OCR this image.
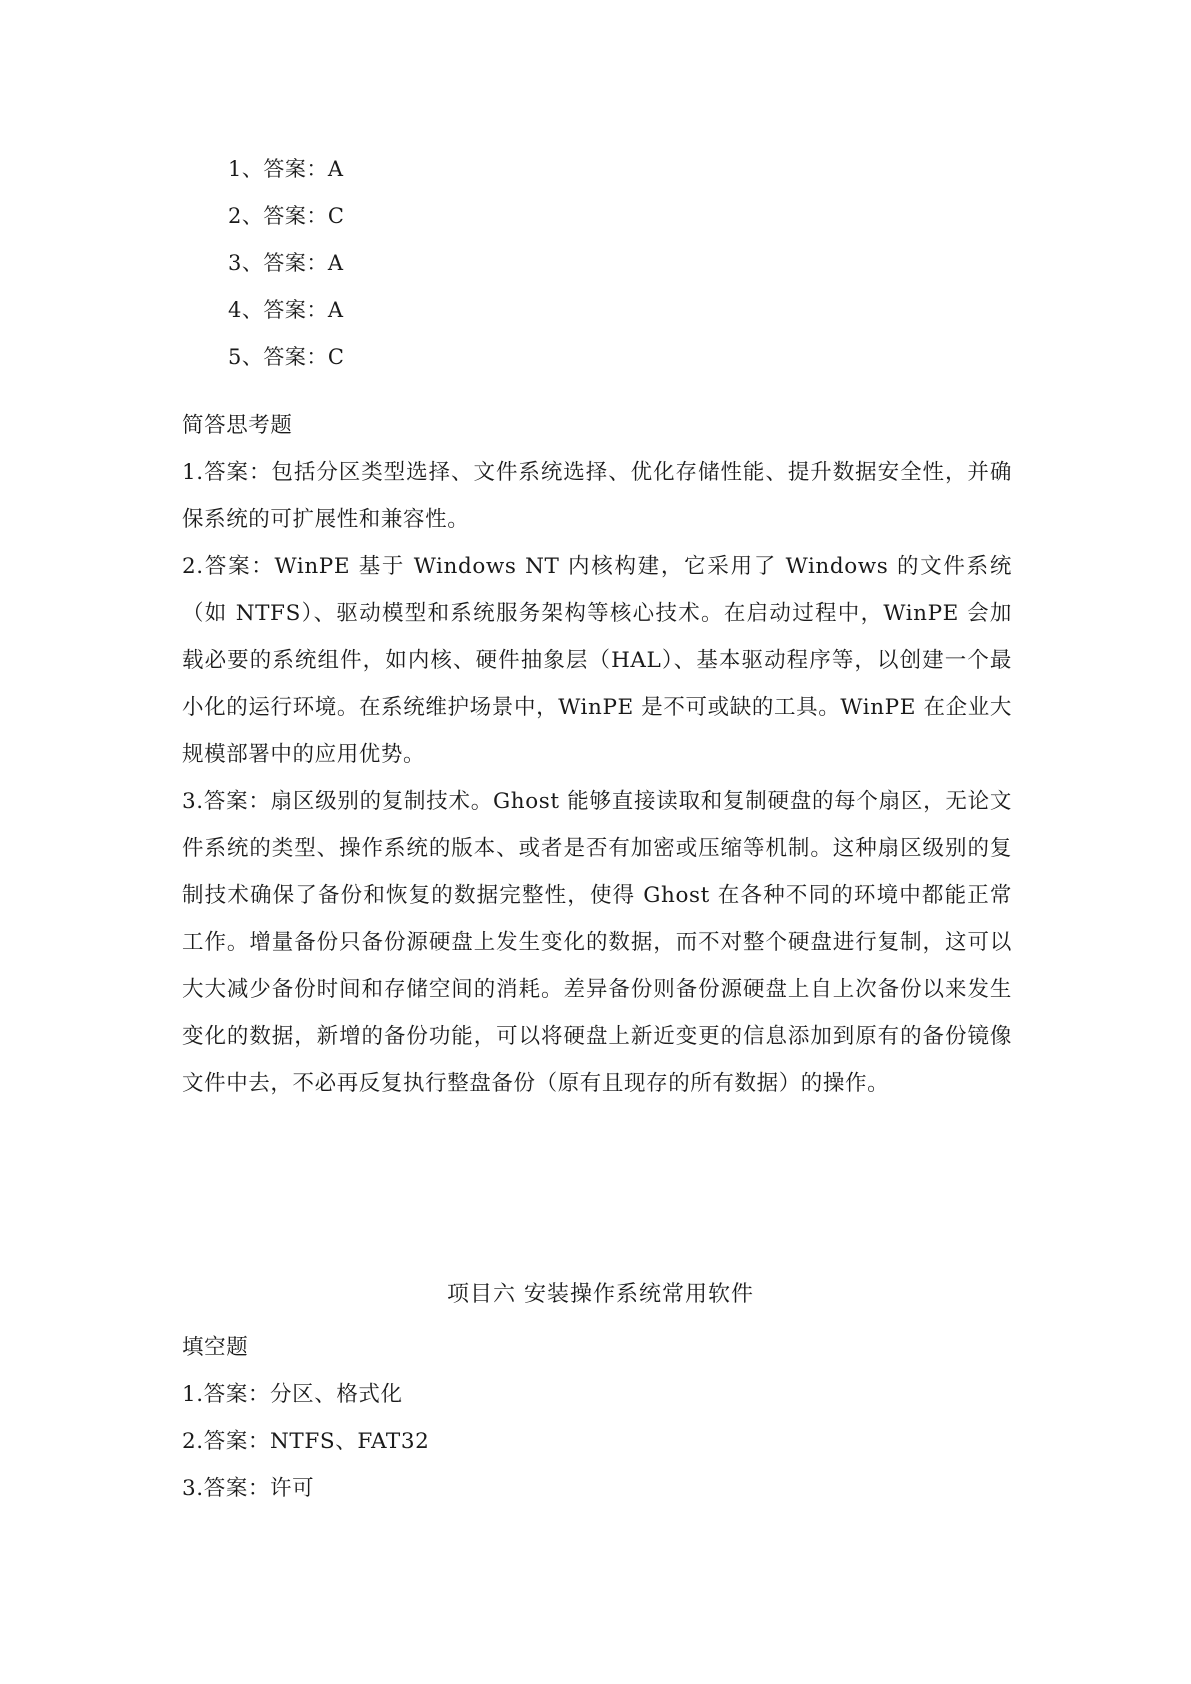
1、答案：A
2、答案：C
3、答案：A
4、答案：A
5、答案：C

简答思考题

1.答案：包括分区类型选择、文件系统选择、优化存储性能、提升数据安全性，并确保系统的可扩展性和兼容性。

2.答案：WinPE 基于 Windows NT 内核构建，它采用了 Windows 的文件系统（如 NTFS）、驱动模型和系统服务架构等核心技术。在启动过程中，WinPE 会加载必要的系统组件，如内核、硬件抽象层（HAL）、基本驱动程序等，以创建一个最小化的运行环境。在系统维护场景中，WinPE 是不可或缺的工具。WinPE 在企业大规模部署中的应用优势。

3.答案：扇区级别的复制技术。Ghost 能够直接读取和复制硬盘的每个扇区，无论文件系统的类型、操作系统的版本、或者是否有加密或压缩等机制。这种扇区级别的复制技术确保了备份和恢复的数据完整性，使得 Ghost 在各种不同的环境中都能正常工作。增量备份只备份源硬盘上发生变化的数据，而不对整个硬盘进行复制，这可以大大减少备份时间和存储空间的消耗。差异备份则备份源硬盘上自上次备份以来发生变化的数据，新增的备份功能，可以将硬盘上新近变更的信息添加到原有的备份镜像文件中去，不必再反复执行整盘备份（原有且现存的所有数据）的操作。

项目六 安装操作系统常用软件

填空题

1.答案：分区、格式化

2.答案：NTFS、FAT32

3.答案：许可
